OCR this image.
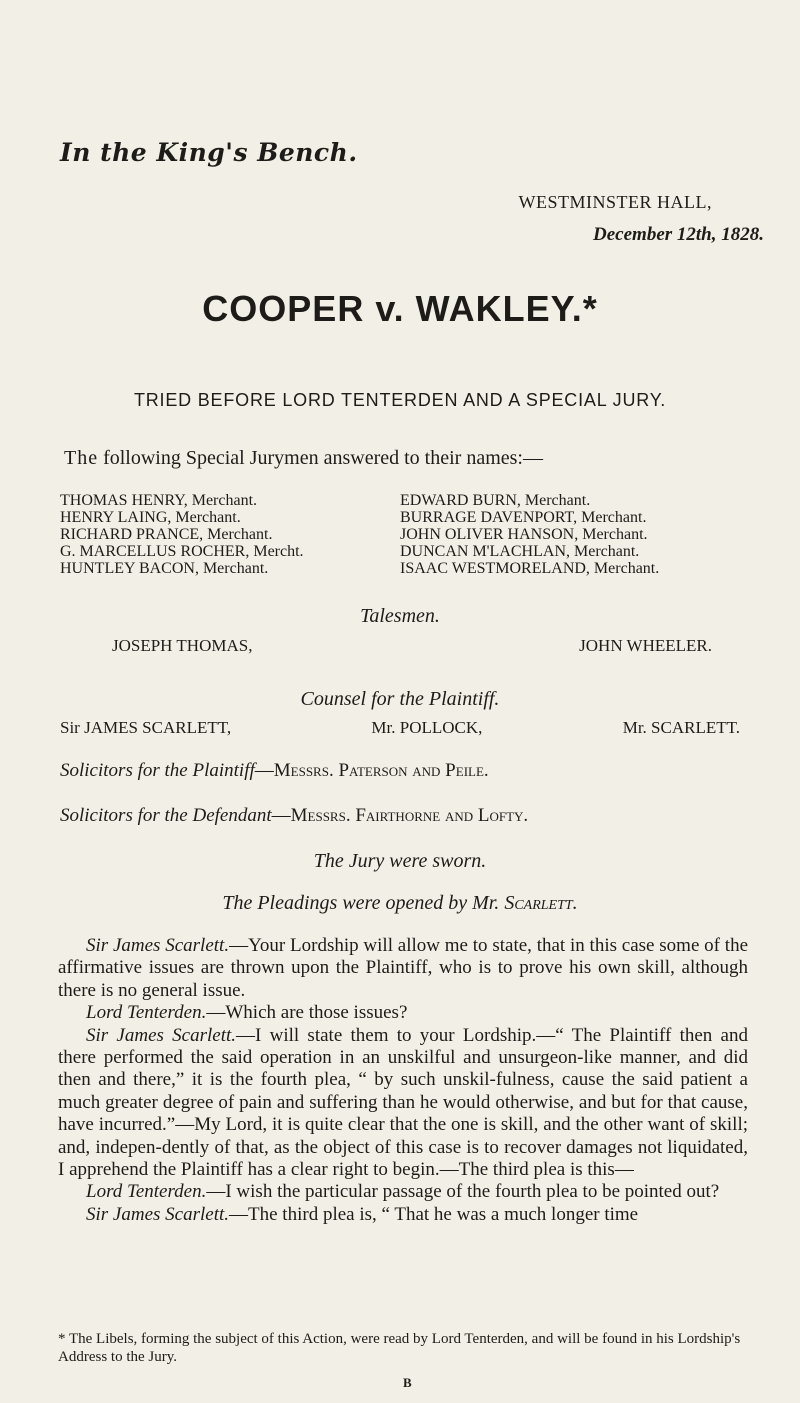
In the King's Bench.
WESTMINSTER HALL,
December 12th, 1828.
COOPER v. WAKLEY.*
TRIED BEFORE LORD TENTERDEN AND A SPECIAL JURY.
The following Special Jurymen answered to their names:—
THOMAS HENRY, Merchant.	EDWARD BURN, Merchant.
HENRY LAING, Merchant.	BURRAGE DAVENPORT, Merchant.
RICHARD PRANCE, Merchant.	JOHN OLIVER HANSON, Merchant.
G. MARCELLUS ROCHER, Mercht.	DUNCAN M'LACHLAN, Merchant.
HUNTLEY BACON, Merchant.	ISAAC WESTMORELAND, Merchant.
Talesmen.
JOSEPH THOMAS,	JOHN WHEELER.
Counsel for the Plaintiff.
Sir JAMES SCARLETT,	Mr. POLLOCK,	Mr. SCARLETT.
Solicitors for the Plaintiff—Messrs. Paterson and Peile.
Solicitors for the Defendant—Messrs. Fairthorne and Lofty.
The Jury were sworn.
The Pleadings were opened by Mr. Scarlett.

Sir James Scarlett.—Your Lordship will allow me to state, that in this case some of the affirmative issues are thrown upon the Plaintiff, who is to prove his own skill, although there is no general issue.

Lord Tenterden.—Which are those issues?

Sir James Scarlett.—I will state them to your Lordship.—“ The Plaintiff then and there performed the said operation in an unskilful and unsurgeon-like manner, and did then and there,” it is the fourth plea, “ by such unskil-fulness, cause the said patient a much greater degree of pain and suffering than he would otherwise, and but for that cause, have incurred.”—My Lord, it is quite clear that the one is skill, and the other want of skill; and, indepen-dently of that, as the object of this case is to recover damages not liquidated, I apprehend the Plaintiff has a clear right to begin.—The third plea is this—

Lord Tenterden.—I wish the particular passage of the fourth plea to be pointed out?

Sir James Scarlett.—The third plea is, “ That he was a much longer time

* The Libels, forming the subject of this Action, were read by Lord Tenterden, and will be found in his Lordship's Address to the Jury.
B
